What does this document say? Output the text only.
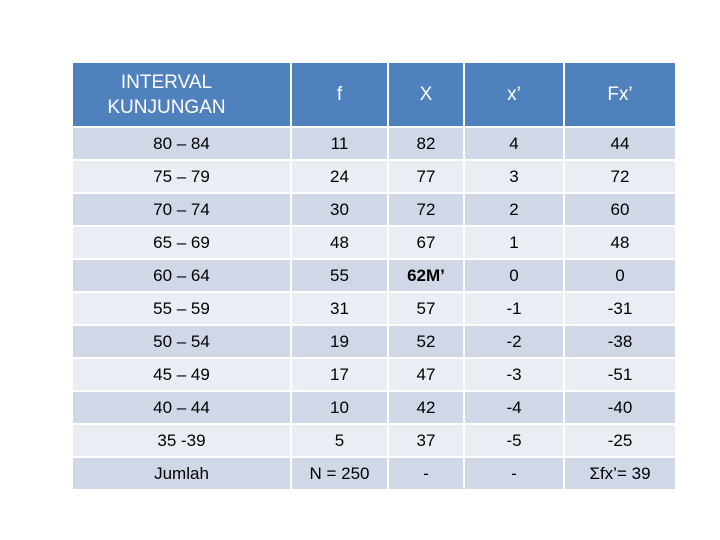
INTERVAL KUNJUNGAN	f	X	x’	Fx’
80 – 84	11	82	4	44
75 – 79	24	77	3	72
70 – 74	30	72	2	60
65 – 69	48	67	1	48
60 – 64	55	62M’	0	0
55 – 59	31	57	-1	-31
50 – 54	19	52	-2	-38
45 – 49	17	47	-3	-51
40 – 44	10	42	-4	-40
35 -39	5	37	-5	-25
Jumlah	N = 250	-	-	Σfx’= 39
